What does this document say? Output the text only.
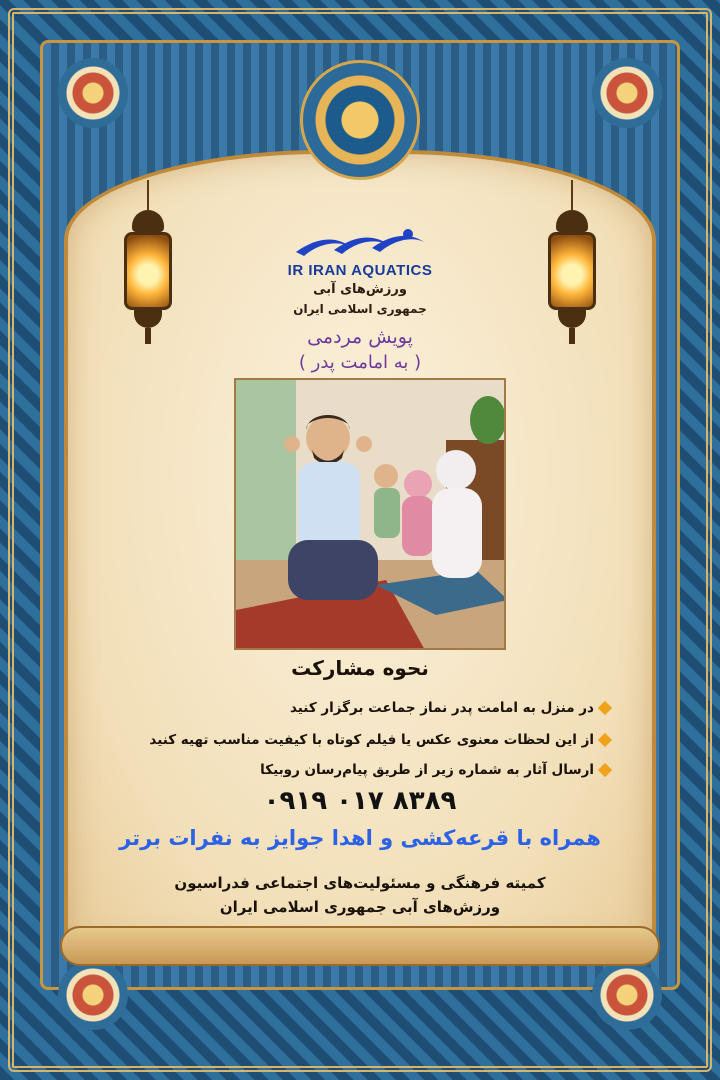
IR IRAN AQUATICS
ورزش‌های آبی
جمهوری اسلامی ایران
پویش مردمی
( به امامت پدر )
نحوه مشارکت
در منزل به امامت پدر نماز جماعت برگزار کنید
از این لحظات معنوی عکس یا فیلم کوتاه با کیفیت مناسب تهیه کنید
ارسال آثار به شماره زیر از طریق پیام‌رسان روبیکا
۰۹۱۹ ۰۱۷ ۸۳۸۹
همراه با قرعه‌کشی و اهدا جوایز به نفرات برتر
کمیته فرهنگی و مسئولیت‌های اجتماعی فدراسیون
ورزش‌های آبی جمهوری اسلامی ایران
